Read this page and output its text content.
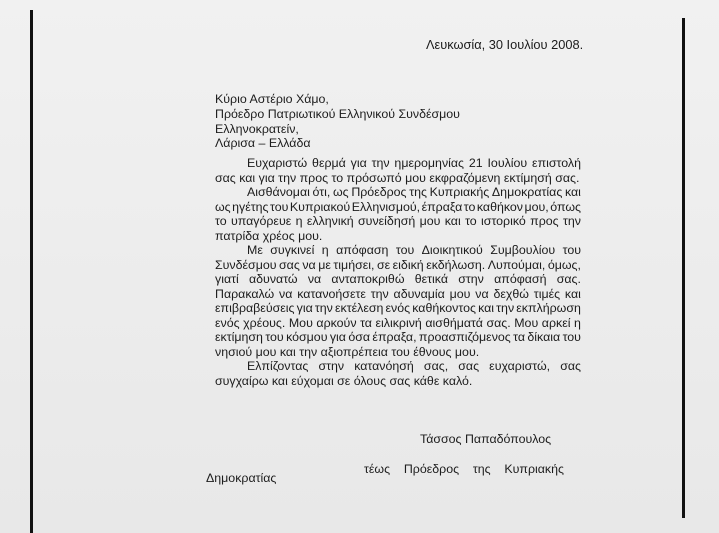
Λευκωσία, 30 Ιουλίου 2008.
Κύριο Αστέριο Χάμο,
Πρόεδρο Πατριωτικού Ελληνικού Συνδέσμου
Ελληνοκρατείν,
Λάρισα – Ελλάδα
Ευχαριστώ θερμά για την ημερομηνίας 21 Ιουλίου επιστολή
σας και για την προς το πρόσωπό μου εκφραζόμενη εκτίμησή σας.
Αισθάνομαι ότι, ως Πρόεδρος της Κυπριακής Δημοκρατίας και
ως ηγέτης του Κυπριακού Ελληνισμού, έπραξα το καθήκον μου, όπως
το υπαγόρευε η ελληνική συνείδησή μου και το ιστορικό προς την
πατρίδα χρέος μου.
Με συγκινεί η απόφαση του Διοικητικού Συμβουλίου του
Συνδέσμου σας να με τιμήσει, σε ειδική εκδήλωση. Λυπούμαι, όμως,
γιατί αδυνατώ να ανταποκριθώ θετικά στην απόφασή σας.
Παρακαλώ να κατανοήσετε την αδυναμία μου να δεχθώ τιμές και
επιβραβεύσεις για την εκτέλεση ενός καθήκοντος και την εκπλήρωση
ενός χρέους. Μου αρκούν τα ειλικρινή αισθήματά σας. Μου αρκεί η
εκτίμηση του κόσμου για όσα έπραξα, προασπιζόμενος τα δίκαια του
νησιού μου και την αξιοπρέπεια του έθνους μου.
Ελπίζοντας στην κατανόησή σας, σας ευχαριστώ, σας
συγχαίρω και εύχομαι σε όλους σας κάθε καλό.
Τάσσος Παπαδόπουλος
τέως Πρόεδρος της Κυπριακής
Δημοκρατίας
